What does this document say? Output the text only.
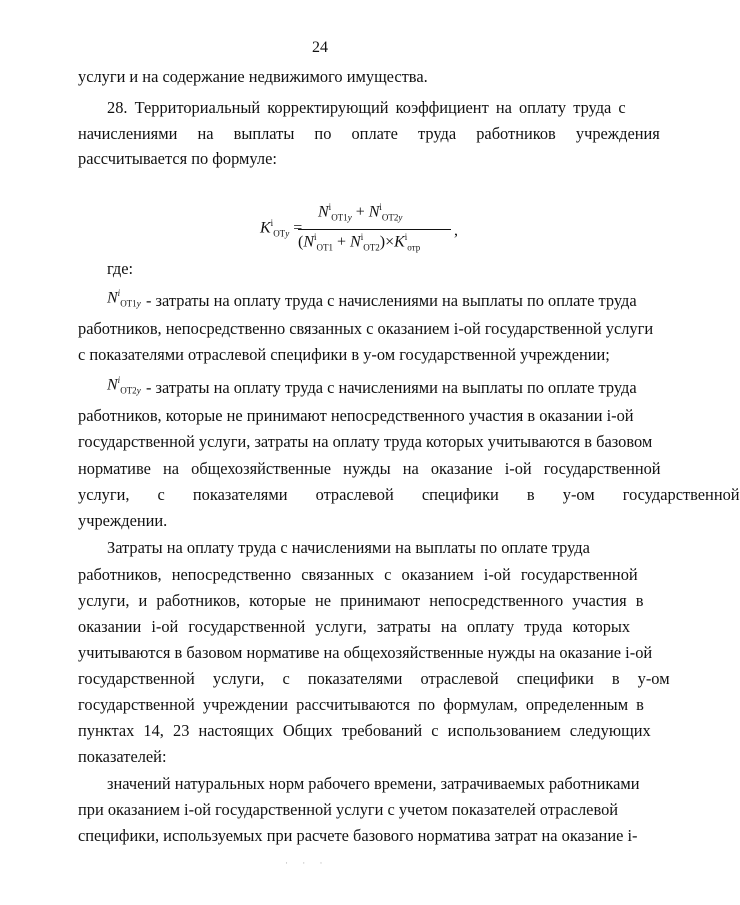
24
услуги и на содержание недвижимого имущества.
28. Территориальный корректирующий коэффициент на оплату труда с
начислениями на выплаты по оплате труда работников учреждения
рассчитывается по формуле:
$K^i_{ОТy}$ =
$N^i_{ОТ1y} + N^i_{ОТ2y}$
$(N^i_{ОТ1} + N^i_{ОТ2})\times K^i_{отр}$
,
где:
$N^i_{ОТ1y}$ - затраты на оплату труда с начислениями на выплаты по оплате труда
работников, непосредственно связанных с оказанием i-ой государственной услуги
с показателями отраслевой специфики в у-ом государственной учреждении;
$N^i_{ОТ2y}$ - затраты на оплату труда с начислениями на выплаты по оплате труда
работников, которые не принимают непосредственного участия в оказании i-ой
государственной услуги, затраты на оплату труда которых учитываются в базовом
нормативе на общехозяйственные нужды на оказание i-ой государственной
услуги, с показателями отраслевой специфики в у-ом государственной
учреждении.
Затраты на оплату труда с начислениями на выплаты по оплате труда
работников, непосредственно связанных с оказанием i-ой государственной
услуги, и работников, которые не принимают непосредственного участия в
оказании i-ой государственной услуги, затраты на оплату труда которых
учитываются в базовом нормативе на общехозяйственные нужды на оказание i-ой
государственной услуги, с показателями отраслевой специфики в у-ом
государственной учреждении рассчитываются по формулам, определенным в
пунктах 14, 23 настоящих Общих требований с использованием следующих
показателей:
значений натуральных норм рабочего времени, затрачиваемых работниками
при оказанием i-ой государственной услуги с учетом показателей отраслевой
специфики, используемых при расчете базового норматива затрат на оказание i-
· · ·
